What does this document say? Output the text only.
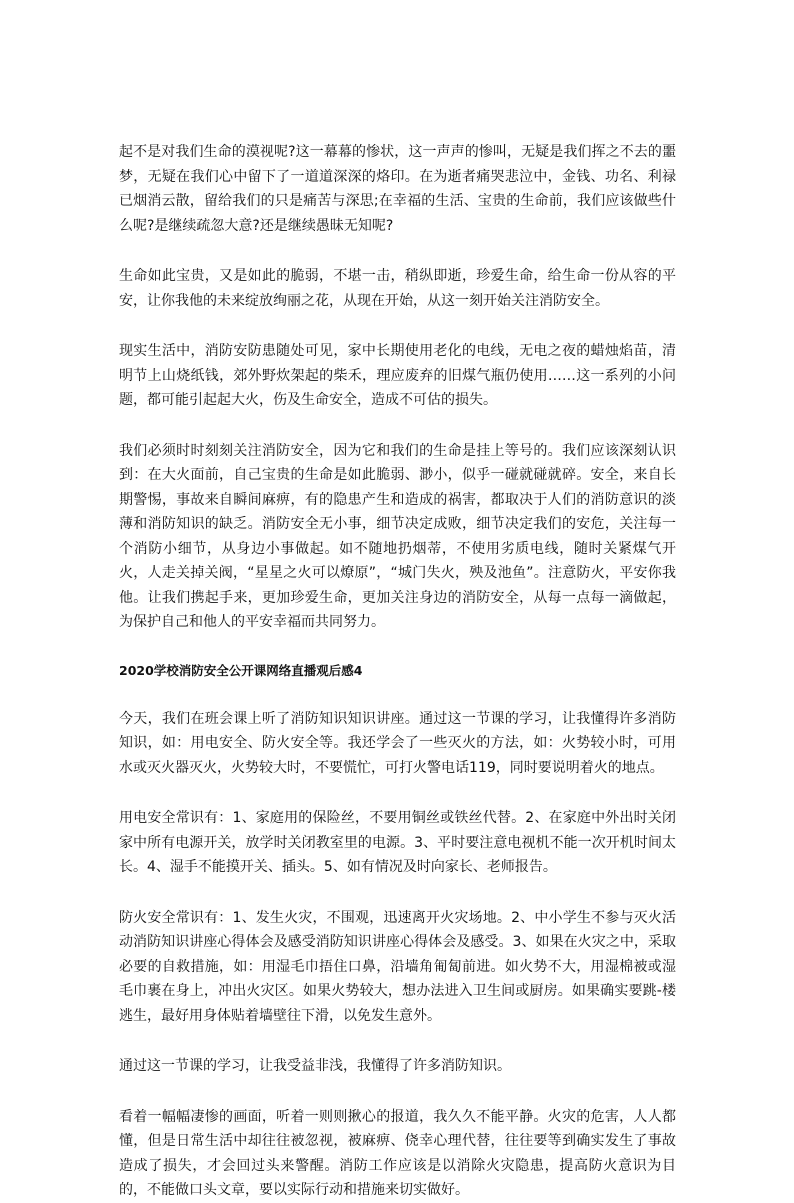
起不是对我们生命的漠视呢?这一幕幕的惨状，这一声声的惨叫，无疑是我们挥之不去的噩梦，无疑在我们心中留下了一道道深深的烙印。在为逝者痛哭悲泣中，金钱、功名、利禄已烟消云散，留给我们的只是痛苦与深思;在幸福的生活、宝贵的生命前，我们应该做些什么呢?是继续疏忽大意?还是继续愚昧无知呢?

生命如此宝贵，又是如此的脆弱，不堪一击，稍纵即逝，珍爱生命，给生命一份从容的平安，让你我他的未来绽放绚丽之花，从现在开始，从这一刻开始关注消防安全。

现实生活中，消防安防患随处可见，家中长期使用老化的电线，无电之夜的蜡烛焰苗，清明节上山烧纸钱，郊外野炊架起的柴禾，理应废弃的旧煤气瓶仍使用……这一系列的小问题，都可能引起起大火，伤及生命安全，造成不可估的损失。

我们必须时时刻刻关注消防安全，因为它和我们的生命是挂上等号的。我们应该深刻认识到：在大火面前，自己宝贵的生命是如此脆弱、渺小，似乎一碰就碰就碎。安全，来自长期警惕，事故来自瞬间麻痹，有的隐患产生和造成的祸害，都取决于人们的消防意识的淡薄和消防知识的缺乏。消防安全无小事，细节决定成败，细节决定我们的安危，关注每一个消防小细节，从身边小事做起。如不随地扔烟蒂，不使用劣质电线，随时关紧煤气开火，人走关掉关阀，“星星之火可以燎原”，“城门失火，殃及池鱼”。注意防火，平安你我他。让我们携起手来，更加珍爱生命，更加关注身边的消防安全，从每一点每一滴做起，为保护自己和他人的平安幸福而共同努力。

2020学校消防安全公开课网络直播观后感4

今天，我们在班会课上听了消防知识知识讲座。通过这一节课的学习，让我懂得许多消防知识，如：用电安全、防火安全等。我还学会了一些灭火的方法，如：火势较小时，可用水或灭火器灭火，火势较大时，不要慌忙，可打火警电话119，同时要说明着火的地点。

用电安全常识有：1、家庭用的保险丝，不要用铜丝或铁丝代替。2、在家庭中外出时关闭家中所有电源开关，放学时关闭教室里的电源。3、平时要注意电视机不能一次开机时间太长。4、湿手不能摸开关、插头。5、如有情况及时向家长、老师报告。

防火安全常识有：1、发生火灾，不围观，迅速离开火灾场地。2、中小学生不参与灭火活动消防知识讲座心得体会及感受消防知识讲座心得体会及感受。3、如果在火灾之中，采取必要的自救措施，如：用湿毛巾捂住口鼻，沿墙角匍匐前进。如火势不大，用湿棉被或湿毛巾裹在身上，冲出火灾区。如果火势较大，想办法进入卫生间或厨房。如果确实要跳-楼逃生，最好用身体贴着墙壁往下滑，以免发生意外。

通过这一节课的学习，让我受益非浅，我懂得了许多消防知识。

看着一幅幅凄惨的画面，听着一则则揪心的报道，我久久不能平静。火灾的危害，人人都懂，但是日常生活中却往往被忽视，被麻痹、侥幸心理代替，往往要等到确实发生了事故造成了损失，才会回过头来警醒。消防工作应该是以消除火灾隐患，提高防火意识为目的，不能做口头文章，要以实际行动和措施来切实做好。
